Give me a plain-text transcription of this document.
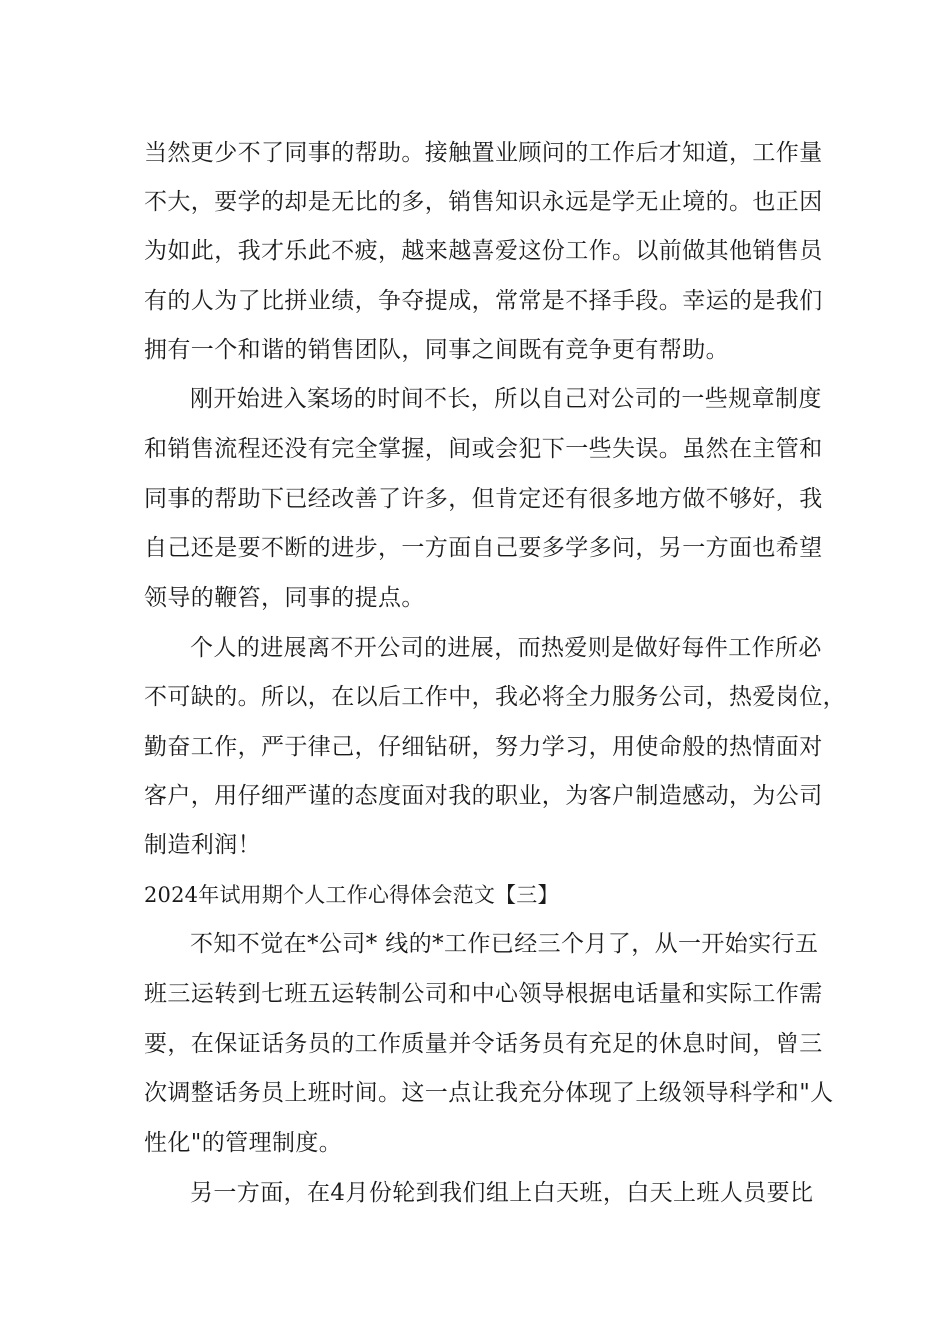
当然更少不了同事的帮助。接触置业顾问的工作后才知道，工作量
不大，要学的却是无比的多，销售知识永远是学无止境的。也正因
为如此，我才乐此不疲，越来越喜爱这份工作。以前做其他销售员
有的人为了比拼业绩，争夺提成，常常是不择手段。幸运的是我们
拥有一个和谐的销售团队，同事之间既有竞争更有帮助。
刚开始进入案场的时间不长，所以自己对公司的一些规章制度
和销售流程还没有完全掌握，间或会犯下一些失误。虽然在主管和
同事的帮助下已经改善了许多，但肯定还有很多地方做不够好，我
自己还是要不断的进步，一方面自己要多学多问，另一方面也希望
领导的鞭笞，同事的提点。
个人的进展离不开公司的进展，而热爱则是做好每件工作所必
不可缺的。所以，在以后工作中，我必将全力服务公司，热爱岗位，
勤奋工作，严于律己，仔细钻研，努力学习，用使命般的热情面对
客户，用仔细严谨的态度面对我的职业，为客户制造感动，为公司
制造利润！
2024年试用期个人工作心得体会范文【三】
不知不觉在*公司* 线的*工作已经三个月了，从一开始实行五
班三运转到七班五运转制公司和中心领导根据电话量和实际工作需
要，在保证话务员的工作质量并令话务员有充足的休息时间，曾三
次调整话务员上班时间。这一点让我充分体现了上级领导科学和"人
性化"的管理制度。
另一方面，在4月份轮到我们组上白天班，白天上班人员要比
